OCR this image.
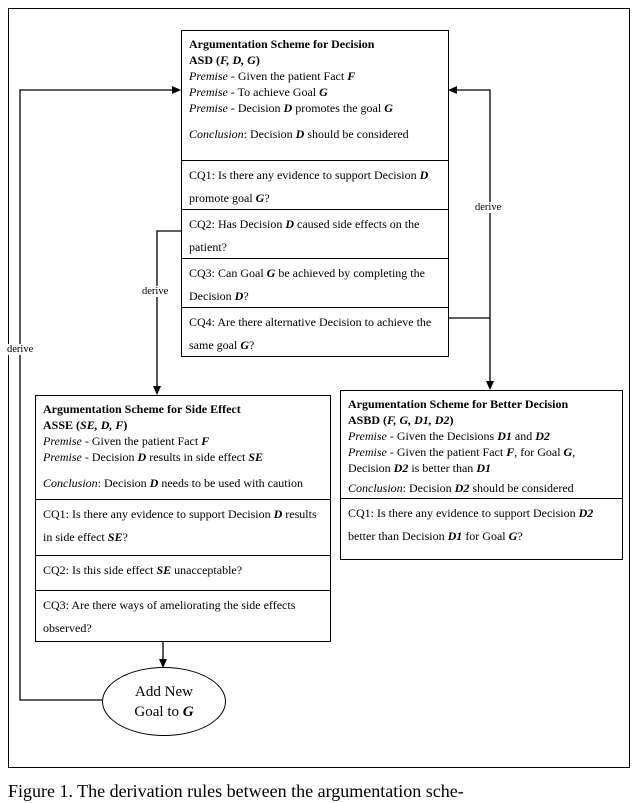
Argumentation Scheme for Decision
ASD (F, D, G)
Premise - Given the patient Fact F
Premise - To achieve Goal G
Premise - Decision D promotes the goal G
Conclusion: Decision D should be considered
CQ1: Is there any evidence to support Decision D promote goal G?
CQ2: Has Decision D caused side effects on the patient?
CQ3: Can Goal G be achieved by completing the Decision D?
CQ4: Are there alternative Decision to achieve the same goal G?
Argumentation Scheme for Side Effect
ASSE (SE, D, F)
Premise - Given the patient Fact F
Premise - Decision D results in side effect SE
Conclusion: Decision D needs to be used with caution
CQ1: Is there any evidence to support Decision D results in side effect SE?
CQ2: Is this side effect SE unacceptable?
CQ3: Are there ways of ameliorating the side effects observed?
Argumentation Scheme for Better Decision
ASBD (F, G, D1, D2)
Premise - Given the Decisions D1 and D2
Premise - Given the patient Fact F, for Goal G, Decision D2 is better than D1
Conclusion: Decision D2 should be considered
CQ1: Is there any evidence to support Decision D2 better than Decision D1 for Goal G?
Add New
Goal to G
derive
derive
derive
Figure 1. The derivation rules between the argumentation sche-
